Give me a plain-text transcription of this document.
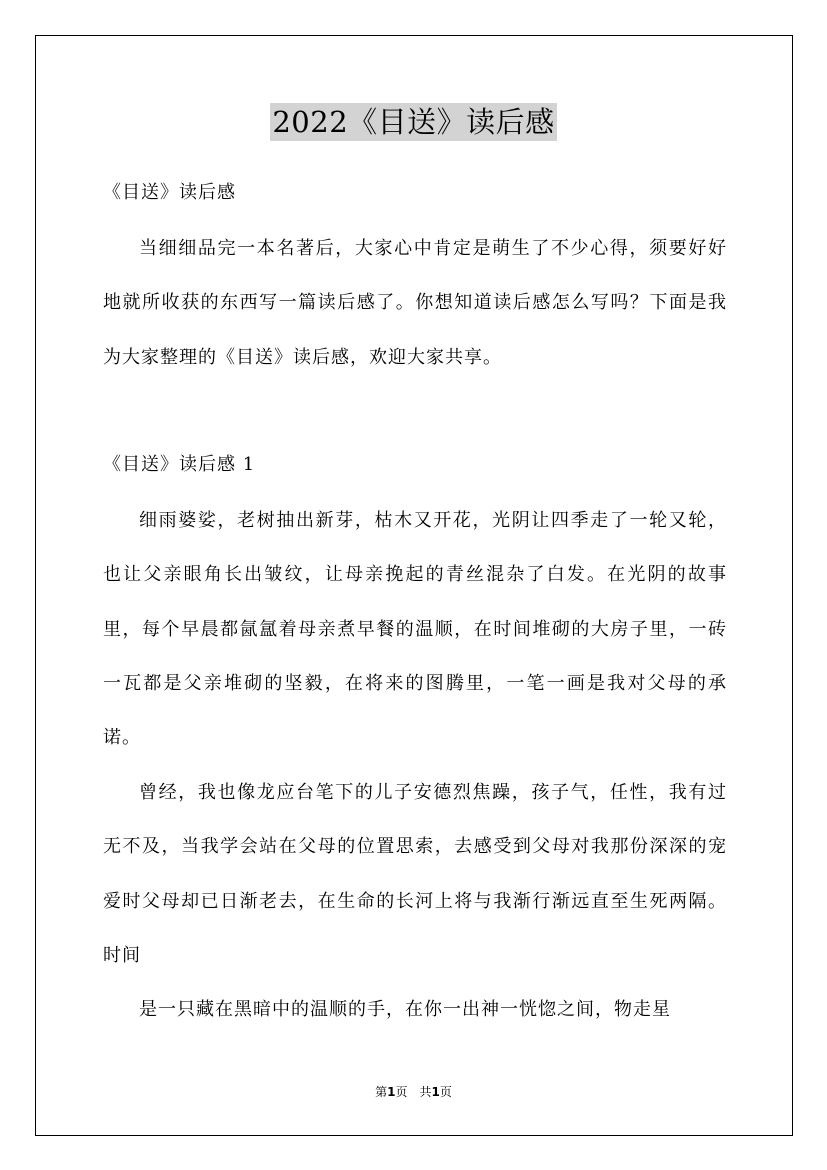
2022《目送》读后感

《目送》读后感

当细细品完一本名著后，大家心中肯定是萌生了不少心得，须要好好地就所收获的东西写一篇读后感了。你想知道读后感怎么写吗？下面是我为大家整理的《目送》读后感，欢迎大家共享。

《目送》读后感 1

细雨婆娑，老树抽出新芽，枯木又开花，光阴让四季走了一轮又轮，也让父亲眼角长出皱纹，让母亲挽起的青丝混杂了白发。在光阴的故事里，每个早晨都氤氲着母亲煮早餐的温顺，在时间堆砌的大房子里，一砖一瓦都是父亲堆砌的坚毅，在将来的图腾里，一笔一画是我对父母的承诺。

曾经，我也像龙应台笔下的儿子安德烈焦躁，孩子气，任性，我有过无不及，当我学会站在父母的位置思索，去感受到父母对我那份深深的宠爱时父母却已日渐老去，在生命的长河上将与我渐行渐远直至生死两隔。时间

是一只藏在黑暗中的温顺的手，在你一出神一恍惚之间，物走星

第1页 共1页
